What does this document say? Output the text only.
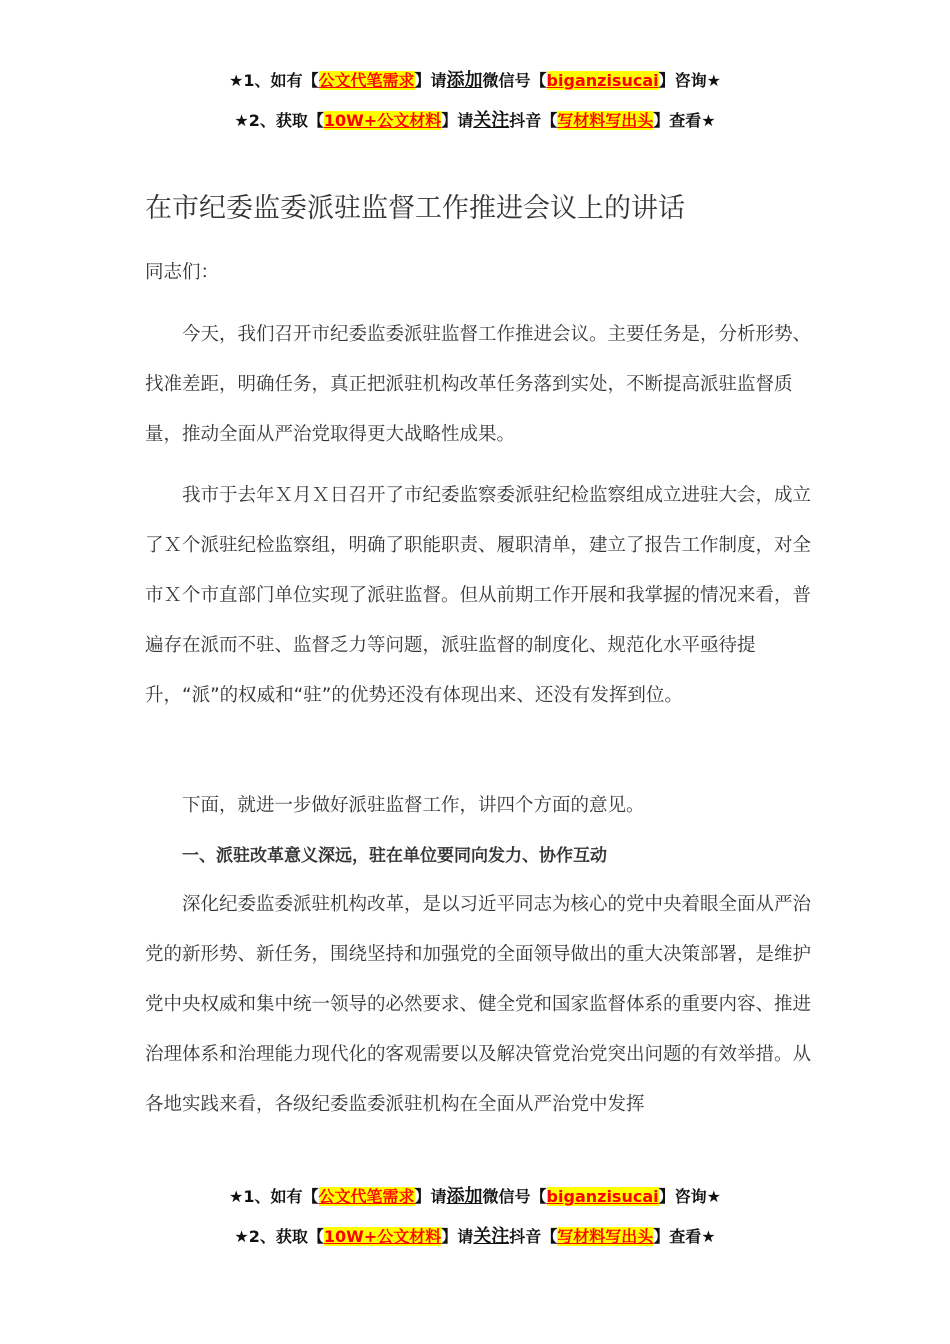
★1、如有【公文代笔需求】请添加微信号【biganzisucai】咨询★
★2、获取【10W+公文材料】请关注抖音【写材料写出头】查看★
在市纪委监委派驻监督工作推进会议上的讲话

同志们：

今天，我们召开市纪委监委派驻监督工作推进会议。主要任务是，分析形势、找准差距，明确任务，真正把派驻机构改革任务落到实处，不断提高派驻监督质量，推动全面从严治党取得更大战略性成果。

我市于去年Ｘ月Ｘ日召开了市纪委监察委派驻纪检监察组成立进驻大会，成立了Ｘ个派驻纪检监察组，明确了职能职责、履职清单，建立了报告工作制度，对全市Ｘ个市直部门单位实现了派驻监督。但从前期工作开展和我掌握的情况来看，普遍存在派而不驻、监督乏力等问题，派驻监督的制度化、规范化水平亟待提升，“派”的权威和“驻”的优势还没有体现出来、还没有发挥到位。

下面，就进一步做好派驻监督工作，讲四个方面的意见。

一、派驻改革意义深远，驻在单位要同向发力、协作互动

深化纪委监委派驻机构改革，是以习近平同志为核心的党中央着眼全面从严治党的新形势、新任务，围绕坚持和加强党的全面领导做出的重大决策部署，是维护党中央权威和集中统一领导的必然要求、健全党和国家监督体系的重要内容、推进治理体系和治理能力现代化的客观需要以及解决管党治党突出问题的有效举措。从各地实践来看，各级纪委监委派驻机构在全面从严治党中发挥

★1、如有【公文代笔需求】请添加微信号【biganzisucai】咨询★
★2、获取【10W+公文材料】请关注抖音【写材料写出头】查看★
